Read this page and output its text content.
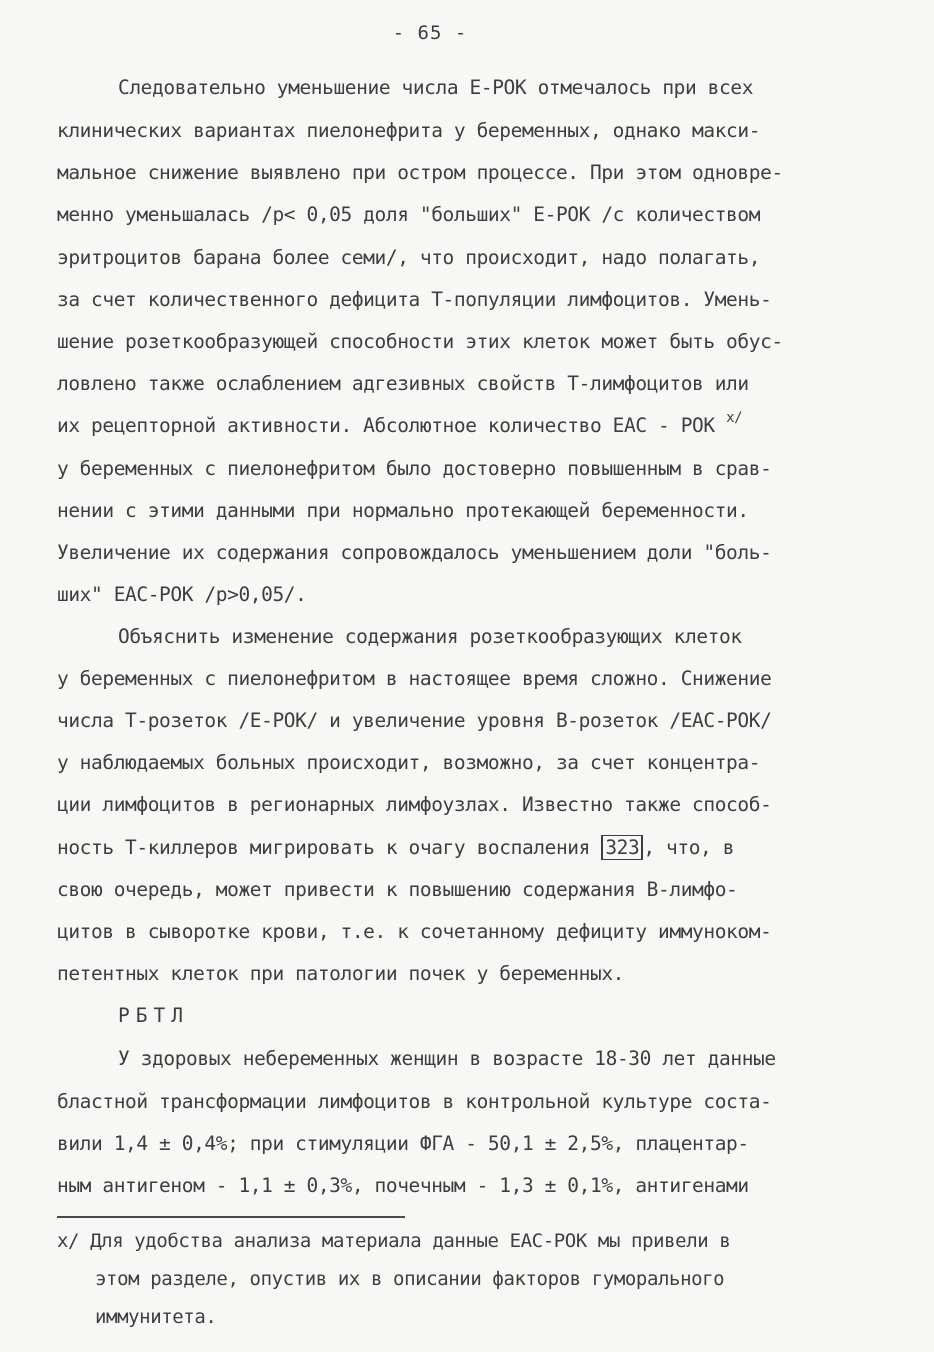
- 65 -
Следовательно уменьшение числа Е-РОК отмечалось при всех
клинических вариантах пиелонефрита у беременных, однако макси-
мальное снижение выявлено при остром процессе. При этом одновре-
менно уменьшалась /р< 0,05 доля "больших" Е-РОК /с количеством
эритроцитов барана более семи/, что происходит, надо полагать,
за счет количественного дефицита Т-популяции лимфоцитов. Умень-
шение розеткообразующей способности этих клеток может быть обус-
ловлено также ослаблением адгезивных свойств Т-лимфоцитов или
их рецепторной активности. Абсолютное количество ЕАС - РОК $^{x/}$
у беременных с пиелонефритом было достоверно повышенным в срав-
нении с этими данными при нормально протекающей беременности.
Увеличение их содержания сопровождалось уменьшением доли "боль-
ших" ЕАС-РОК /р>0,05/.
Объяснить изменение содержания розеткообразующих клеток
у беременных с пиелонефритом в настоящее время сложно. Снижение
числа Т-розеток /Е-РОК/ и увеличение уровня В-розеток /ЕАС-РОК/
у наблюдаемых больных происходит, возможно, за счет концентра-
ции лимфоцитов в регионарных лимфоузлах. Известно также способ-
ность Т-киллеров мигрировать к очагу воспаления 323 , что, в
свою очередь, может привести к повышению содержания В-лимфо-
цитов в сыворотке крови, т.е. к сочетанному дефициту иммуноком-
петентных клеток при патологии почек у беременных.
РБТЛ
У здоровых небеременных женщин в возрасте 18-30 лет данные
бластной трансформации лимфоцитов в контрольной культуре соста-
вили 1,4 ± 0,4%; при стимуляции ФГА - 50,1 ± 2,5%, плацентар-
ным антигеном - 1,1 ± 0,3%, почечным - 1,3 ± 0,1%, антигенами
x/ Для удобства анализа материала данные ЕАС-РОК мы привели в
этом разделе, опустив их в описании факторов гуморального
иммунитета.
